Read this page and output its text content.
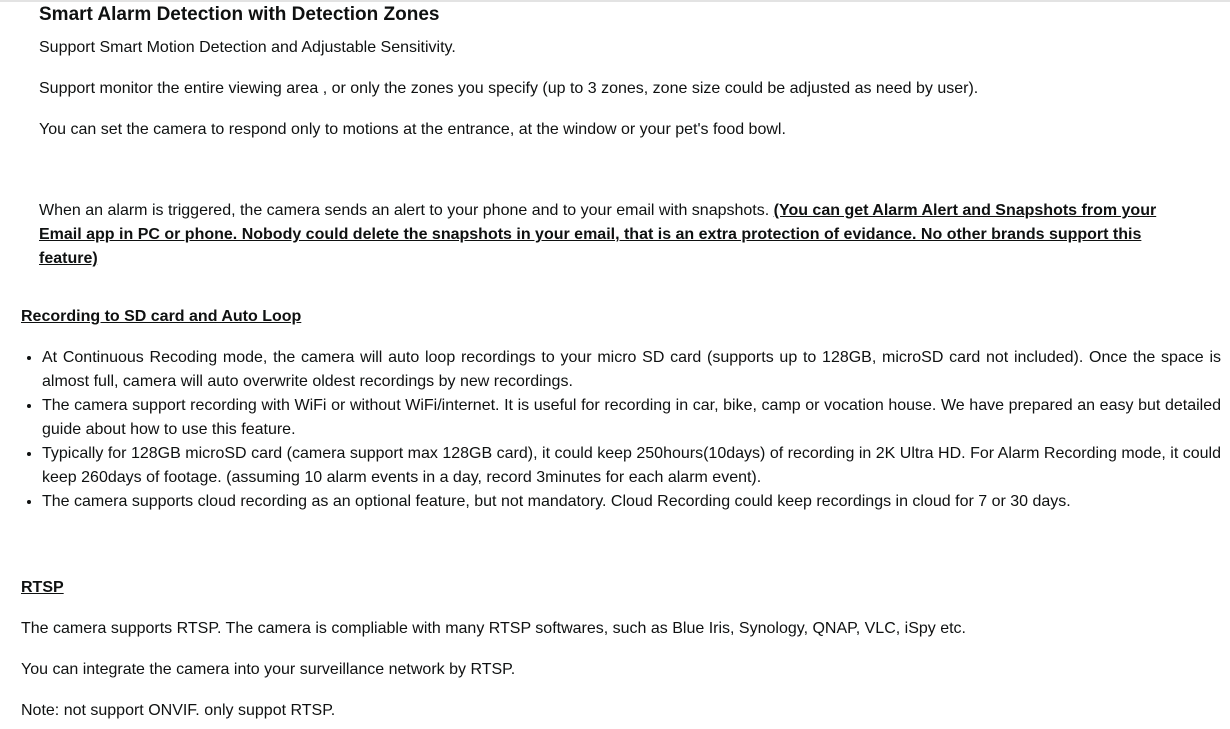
Smart Alarm Detection with Detection Zones

Support Smart Motion Detection and Adjustable Sensitivity.

Support monitor the entire viewing area , or only the zones you specify (up to 3 zones, zone size could be adjusted as need by user).

You can set the camera to respond only to motions at the entrance, at the window or your pet's food bowl.

When an alarm is triggered, the camera sends an alert to your phone and to your email with snapshots. (You can get Alarm Alert and Snapshots from your Email app in PC or phone. Nobody could delete the snapshots in your email, that is an extra protection of evidance. No other brands support this feature)

Recording to SD card and Auto Loop

• At Continuous Recoding mode, the camera will auto loop recordings to your micro SD card (supports up to 128GB, microSD card not included). Once the space is almost full, camera will auto overwrite oldest recordings by new recordings.
• The camera support recording with WiFi or without WiFi/internet. It is useful for recording in car, bike, camp or vocation house. We have prepared an easy but detailed guide about how to use this feature.
• Typically for 128GB microSD card (camera support max 128GB card), it could keep 250hours(10days) of recording in 2K Ultra HD. For Alarm Recording mode, it could keep 260days of footage. (assuming 10 alarm events in a day, record 3minutes for each alarm event).
• The camera supports cloud recording as an optional feature, but not mandatory. Cloud Recording could keep recordings in cloud for 7 or 30 days.

RTSP

The camera supports RTSP. The camera is compliable with many RTSP softwares, such as Blue Iris, Synology, QNAP, VLC, iSpy etc.

You can integrate the camera into your surveillance network by RTSP.

Note: not support ONVIF. only suppot RTSP.
